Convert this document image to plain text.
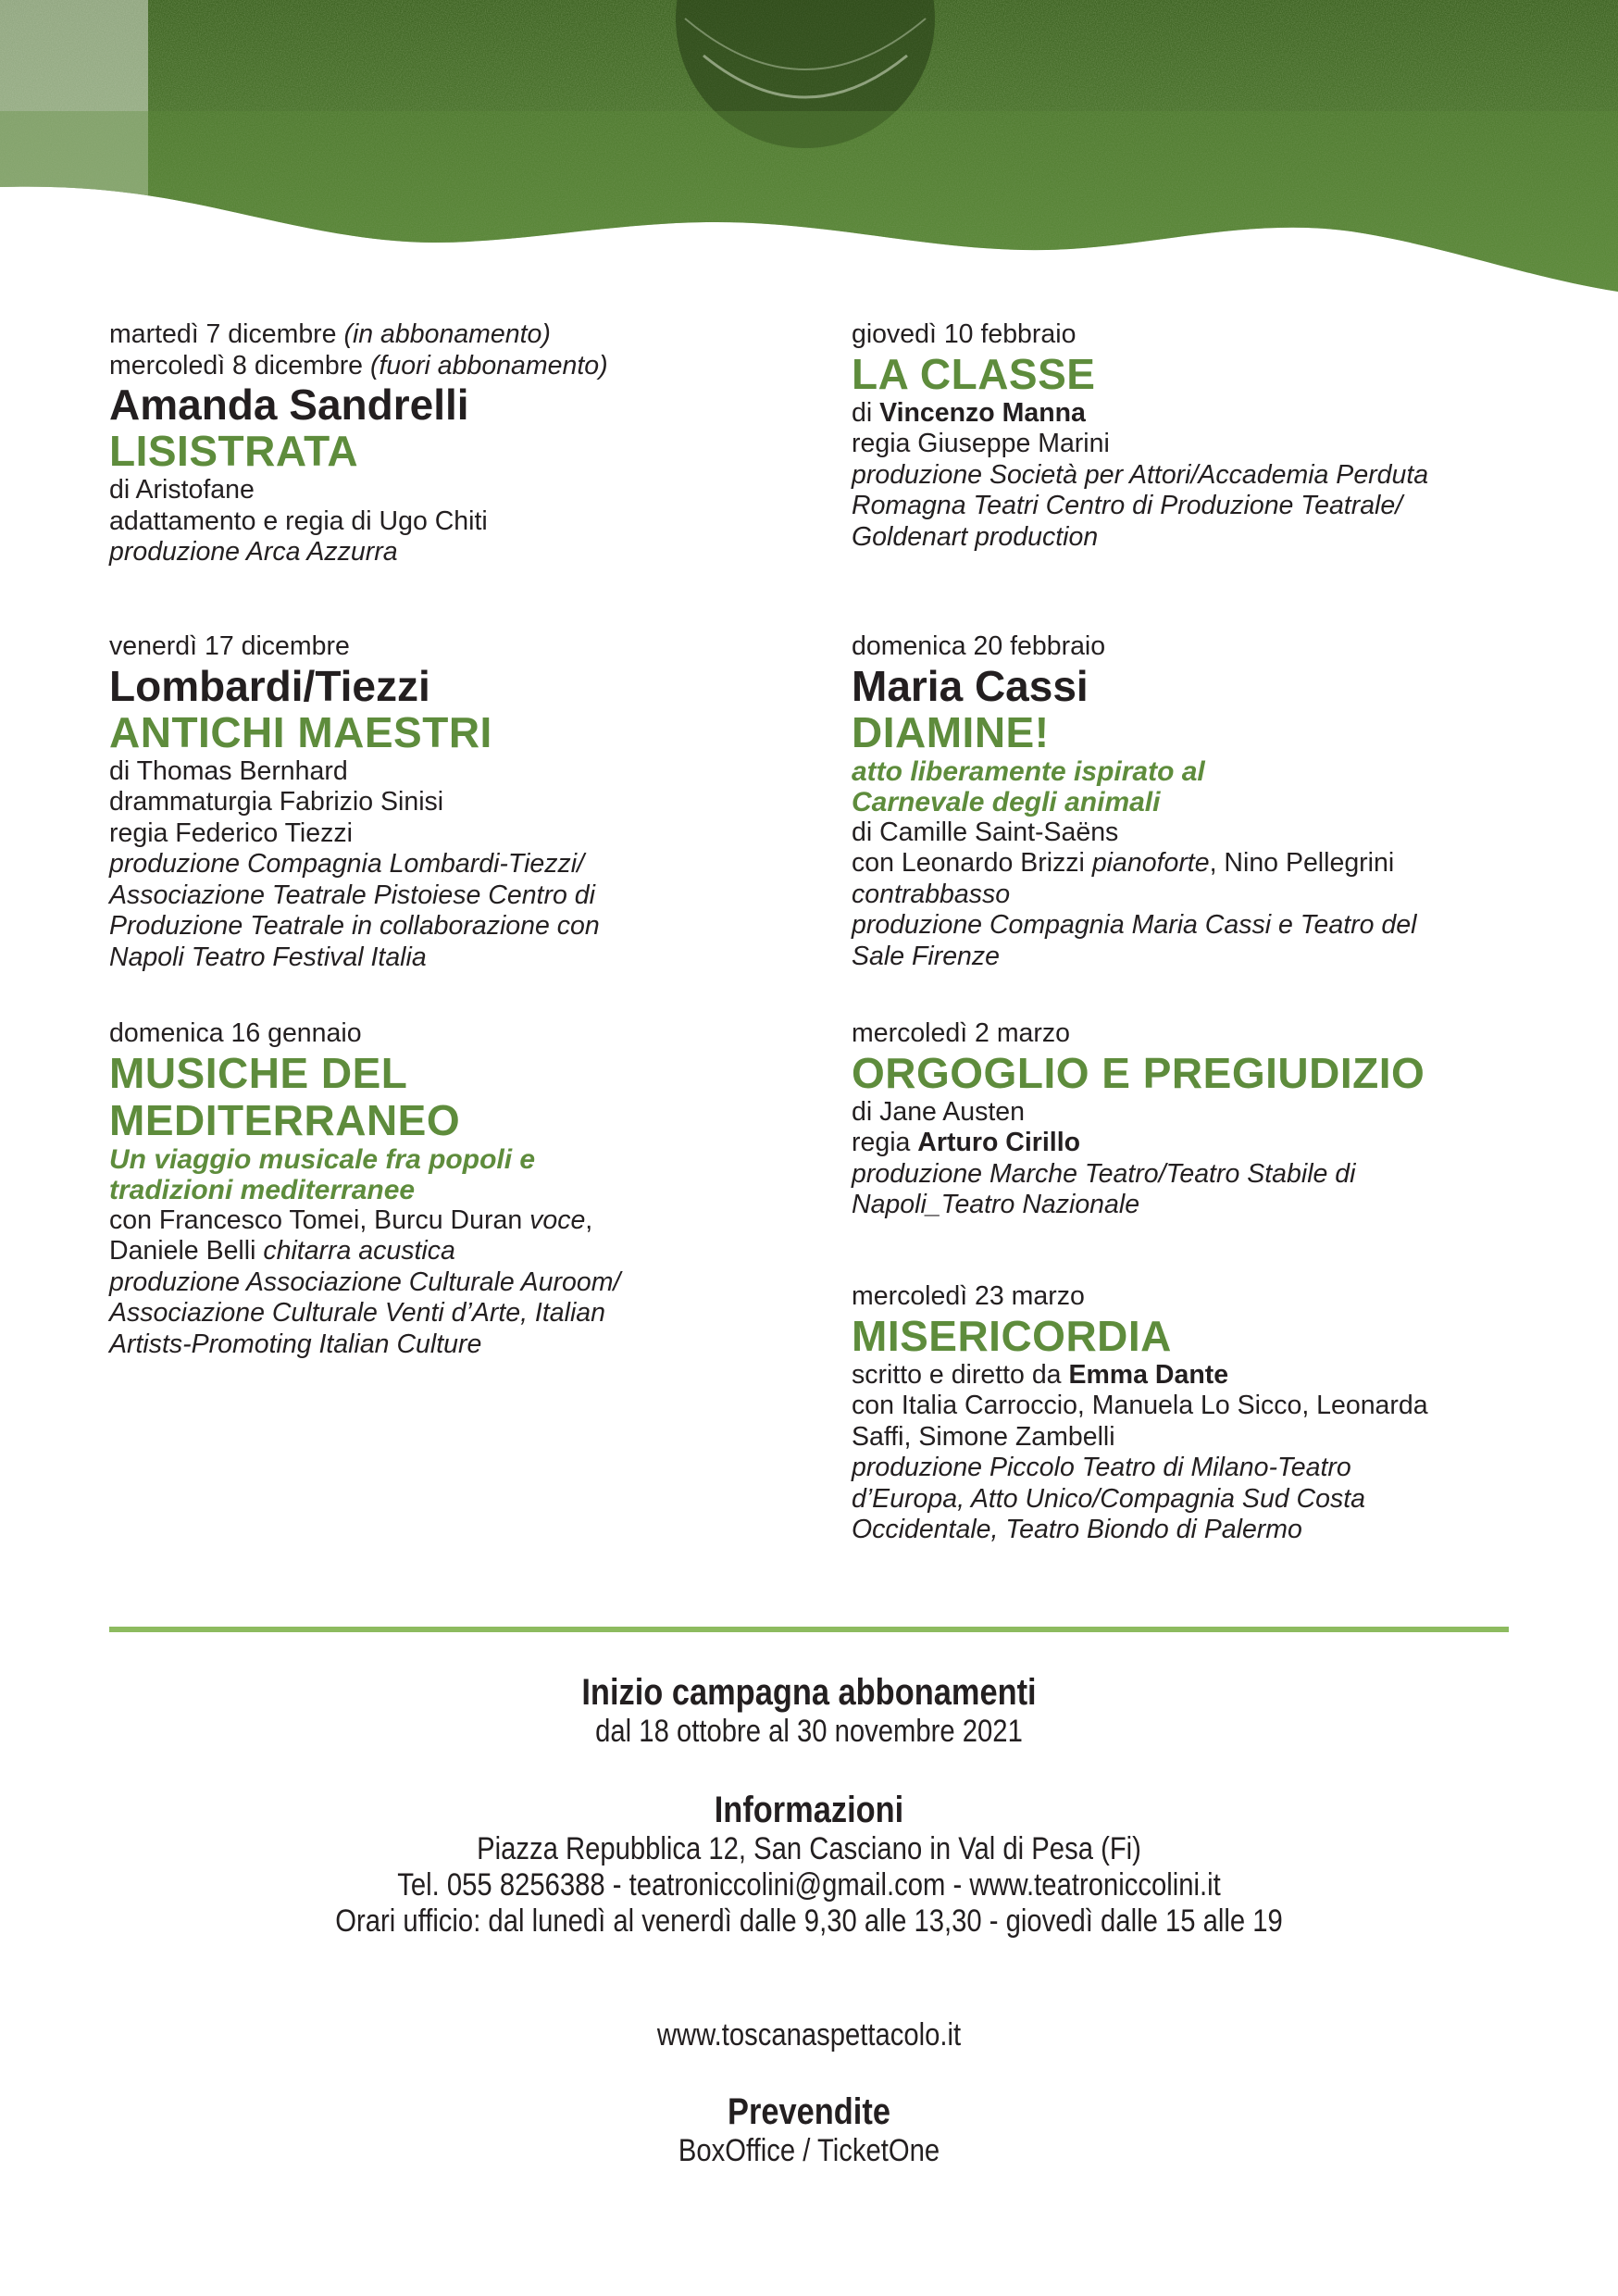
martedì 7 dicembre (in abbonamento)
mercoledì 8 dicembre (fuori abbonamento)
Amanda Sandrelli
LISISTRATA
di Aristofane
adattamento e regia di Ugo Chiti
produzione Arca Azzurra
venerdì 17 dicembre
Lombardi/Tiezzi
ANTICHI MAESTRI
di Thomas Bernhard
drammaturgia Fabrizio Sinisi
regia Federico Tiezzi
produzione Compagnia Lombardi-Tiezzi/
Associazione Teatrale Pistoiese Centro di
Produzione Teatrale in collaborazione con
Napoli Teatro Festival Italia
domenica 16 gennaio
MUSICHE DEL
MEDITERRANEO
Un viaggio musicale fra popoli e
tradizioni mediterranee
con Francesco Tomei, Burcu Duran voce,
Daniele Belli chitarra acustica
produzione Associazione Culturale Auroom/
Associazione Culturale Venti d’Arte, Italian
Artists-Promoting Italian Culture
giovedì 10 febbraio
LA CLASSE
di Vincenzo Manna
regia Giuseppe Marini
produzione Società per Attori/Accademia Perduta
Romagna Teatri Centro di Produzione Teatrale/
Goldenart production
domenica 20 febbraio
Maria Cassi
DIAMINE!
atto liberamente ispirato al
Carnevale degli animali
di Camille Saint-Saëns
con Leonardo Brizzi pianoforte, Nino Pellegrini
contrabbasso
produzione Compagnia Maria Cassi e Teatro del
Sale Firenze
mercoledì 2 marzo
ORGOGLIO E PREGIUDIZIO
di Jane Austen
regia Arturo Cirillo
produzione Marche Teatro/Teatro Stabile di
Napoli_Teatro Nazionale
mercoledì 23 marzo
MISERICORDIA
scritto e diretto da Emma Dante
con Italia Carroccio, Manuela Lo Sicco, Leonarda
Saffi, Simone Zambelli
produzione Piccolo Teatro di Milano-Teatro
d’Europa, Atto Unico/Compagnia Sud Costa
Occidentale, Teatro Biondo di Palermo
Inizio campagna abbonamenti
dal 18 ottobre al 30 novembre 2021
Informazioni
Piazza Repubblica 12, San Casciano in Val di Pesa (Fi)
Tel. 055 8256388 - teatroniccolini@gmail.com - www.teatroniccolini.it
Orari ufficio: dal lunedì al venerdì dalle 9,30 alle 13,30 - giovedì dalle 15 alle 19
www.toscanaspettacolo.it
Prevendite
BoxOffice / TicketOne
